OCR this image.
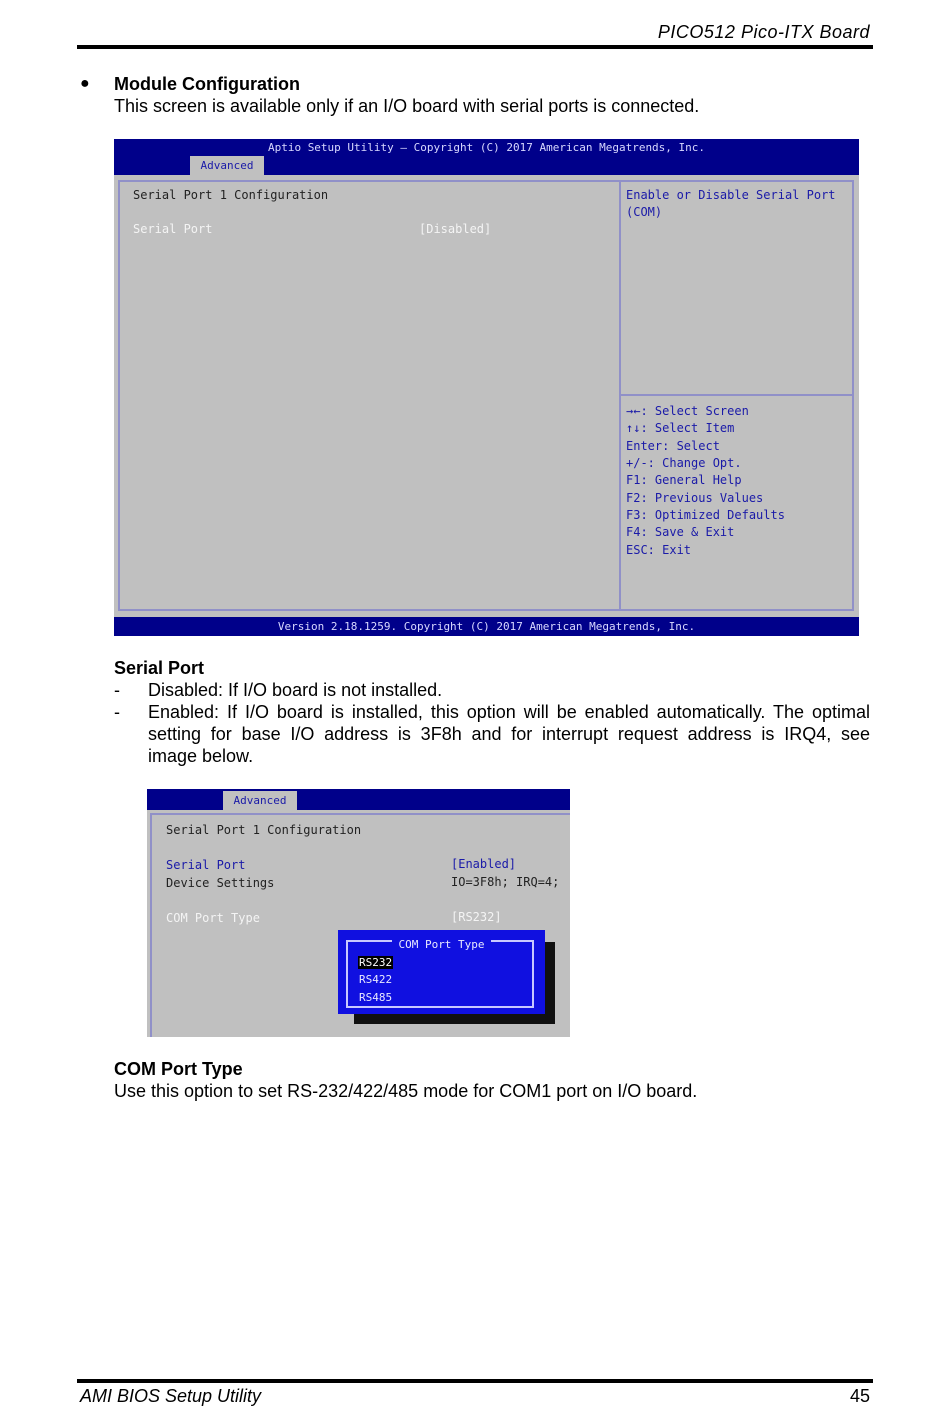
PICO512 Pico-ITX Board
● Module Configuration
This screen is available only if an I/O board with serial ports is connected.
Aptio Setup Utility – Copyright (C) 2017 American Megatrends, Inc.
Advanced
Serial Port 1 Configuration
Serial Port	[Disabled]
Enable or Disable Serial Port
(COM)
→←: Select Screen
↑↓: Select Item
Enter: Select
+/-: Change Opt.
F1: General Help
F2: Previous Values
F3: Optimized Defaults
F4: Save & Exit
ESC: Exit
Version 2.18.1259. Copyright (C) 2017 American Megatrends, Inc.
Serial Port
- Disabled: If I/O board is not installed.
- Enabled: If I/O board is installed, this option will be enabled automatically. The optimal
setting for base I/O address is 3F8h and for interrupt request address is IRQ4, see
image below.
Advanced
Serial Port 1 Configuration
Serial Port	[Enabled]
Device Settings	IO=3F8h; IRQ=4;
COM Port Type	[RS232]
COM Port Type
RS232
RS422
RS485
COM Port Type
Use this option to set RS-232/422/485 mode for COM1 port on I/O board.
AMI BIOS Setup Utility	45
